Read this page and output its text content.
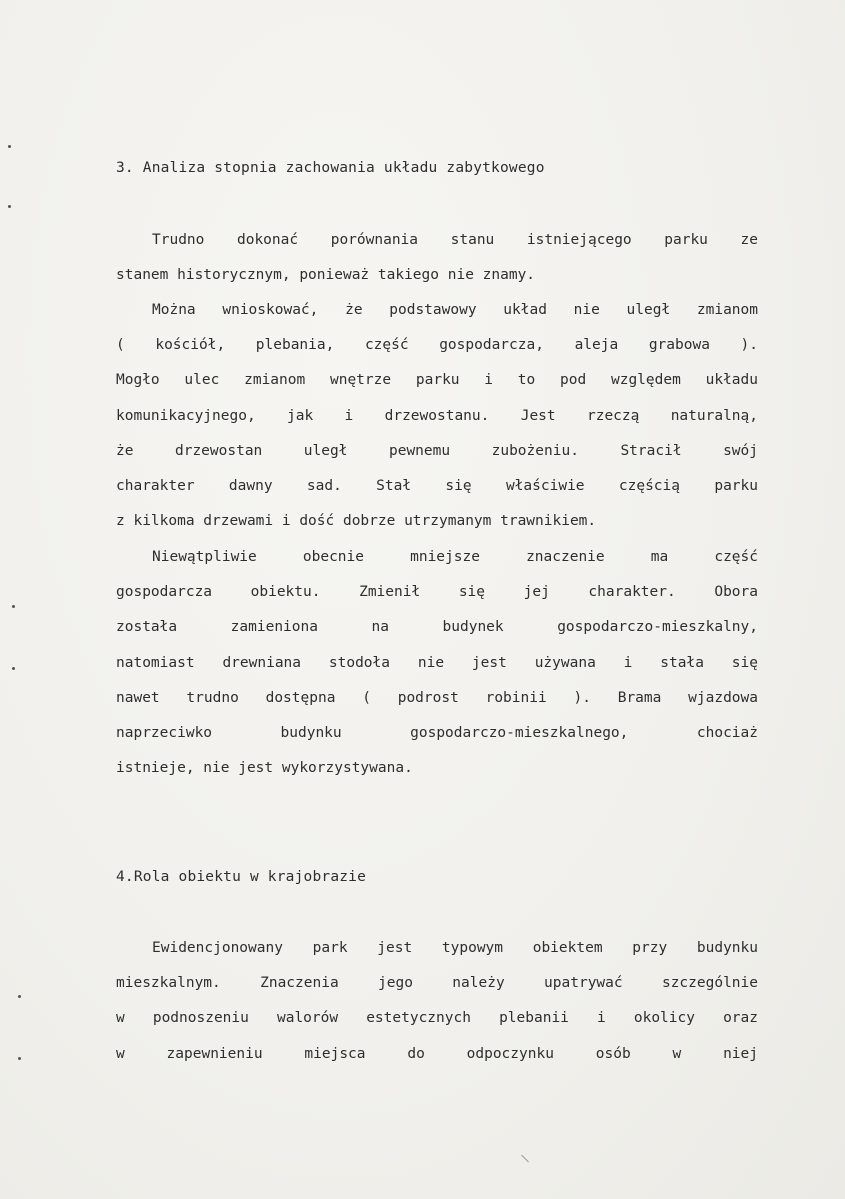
3. Analiza stopnia zachowania układu zabytkowego
Trudno dokonać porównania stanu istniejącego parku ze
stanem historycznym, ponieważ takiego nie znamy.
Można wnioskować, że podstawowy układ nie uległ zmianom
( kościół, plebania, część gospodarcza, aleja grabowa ).
Mogło ulec zmianom wnętrze parku i to pod względem układu
komunikacyjnego, jak i drzewostanu. Jest rzeczą naturalną,
że drzewostan uległ pewnemu zubożeniu. Stracił swój
charakter dawny sad. Stał się właściwie częścią parku
z kilkoma drzewami i dość dobrze utrzymanym trawnikiem.
Niewątpliwie obecnie mniejsze znaczenie ma część
gospodarcza obiektu. Zmienił się jej charakter. Obora
została zamieniona na budynek gospodarczo-mieszkalny,
natomiast drewniana stodoła nie jest używana i stała się
nawet trudno dostępna ( podrost robinii ). Brama wjazdowa
naprzeciwko budynku gospodarczo-mieszkalnego, chociaż
istnieje, nie jest wykorzystywana.
4.Rola obiektu w krajobrazie
Ewidencjonowany park jest typowym obiektem przy budynku
mieszkalnym. Znaczenia jego należy upatrywać szczególnie
w podnoszeniu walorów estetycznych plebanii i okolicy oraz
w zapewnieniu miejsca do odpoczynku osób w niej
